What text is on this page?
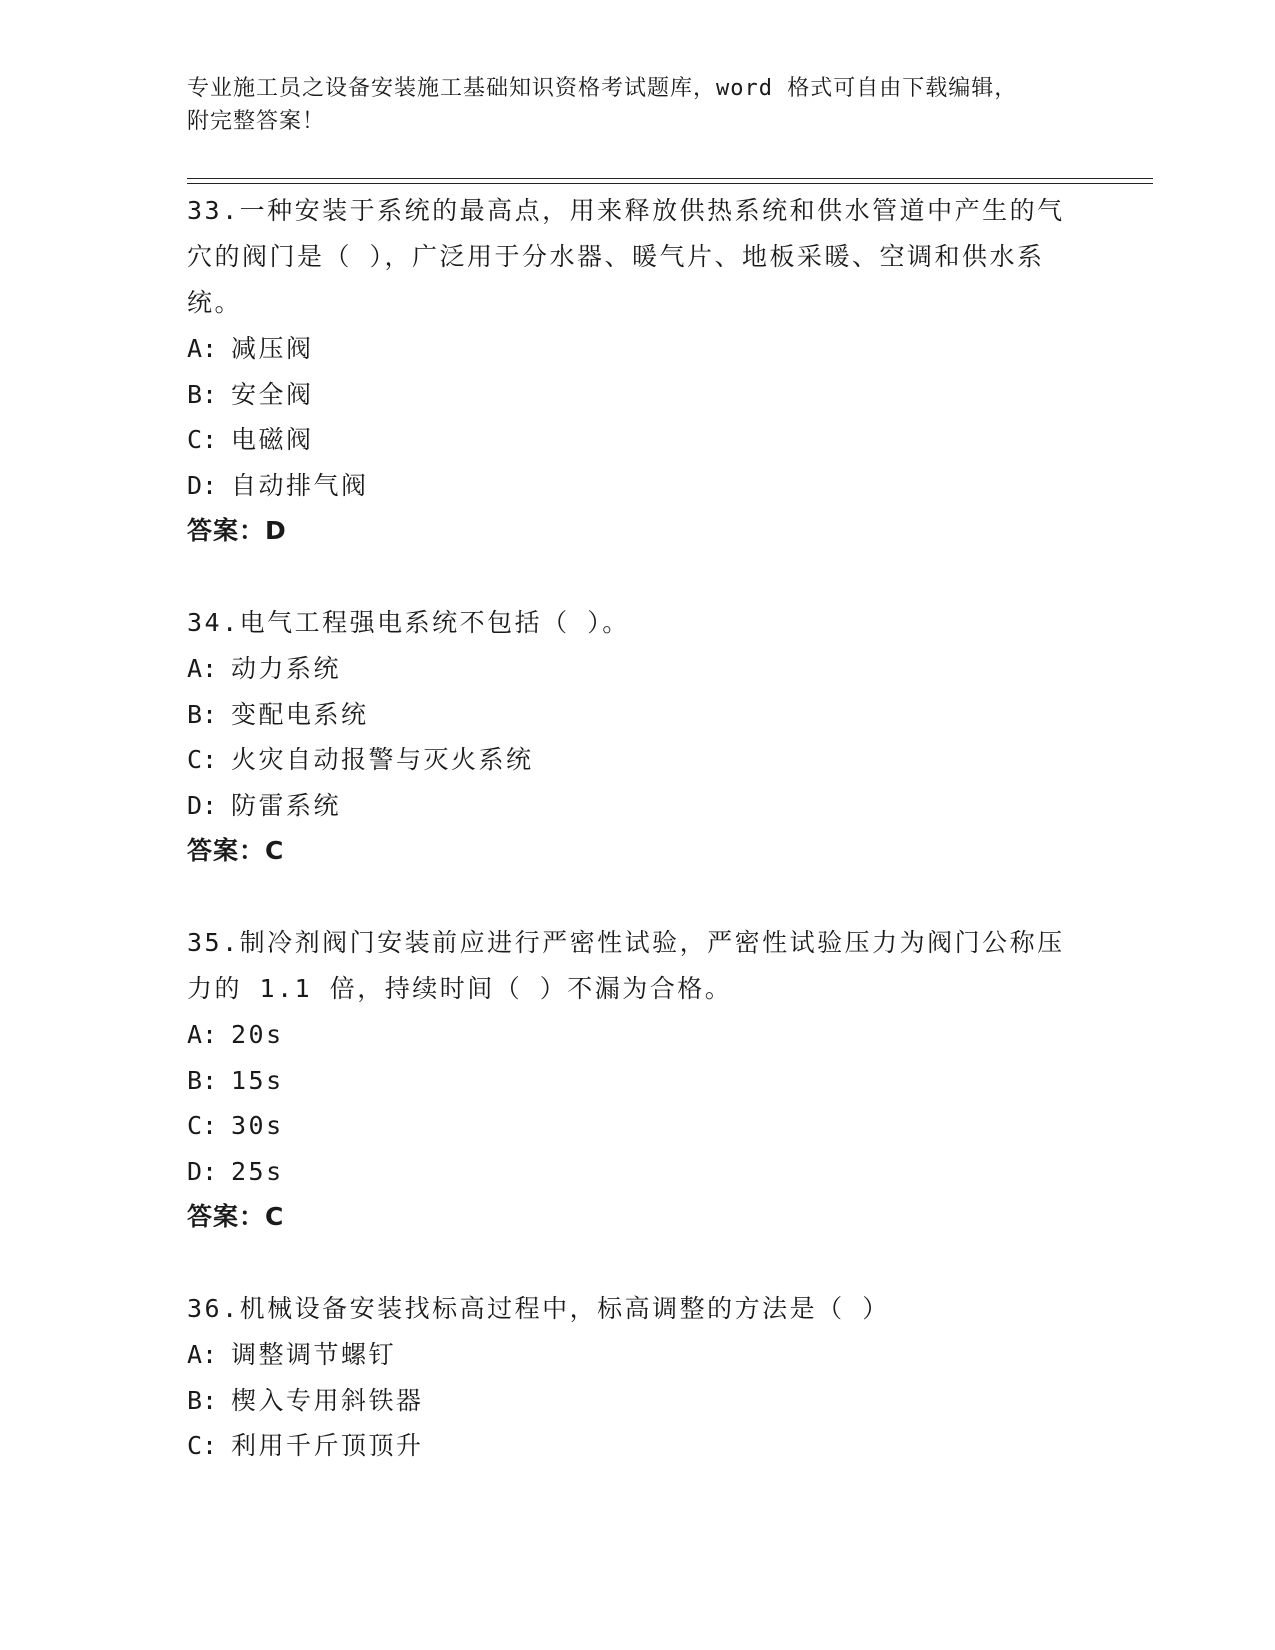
专业施工员之设备安装施工基础知识资格考试题库，word 格式可自由下载编辑，
附完整答案！
33.一种安装于系统的最高点，用来释放供热系统和供水管道中产生的气穴的阀门是（ ），广泛用于分水器、暖气片、地板采暖、空调和供水系统。
A: 减压阀
B: 安全阀
C: 电磁阀
D: 自动排气阀
答案：D
34.电气工程强电系统不包括（ ）。
A: 动力系统
B: 变配电系统
C: 火灾自动报警与灭火系统
D: 防雷系统
答案：C
35.制冷剂阀门安装前应进行严密性试验，严密性试验压力为阀门公称压力的 1.1 倍，持续时间（ ）不漏为合格。
A: 20s
B: 15s
C: 30s
D: 25s
答案：C
36.机械设备安装找标高过程中，标高调整的方法是（ ）
A: 调整调节螺钉
B: 楔入专用斜铁器
C: 利用千斤顶顶升
